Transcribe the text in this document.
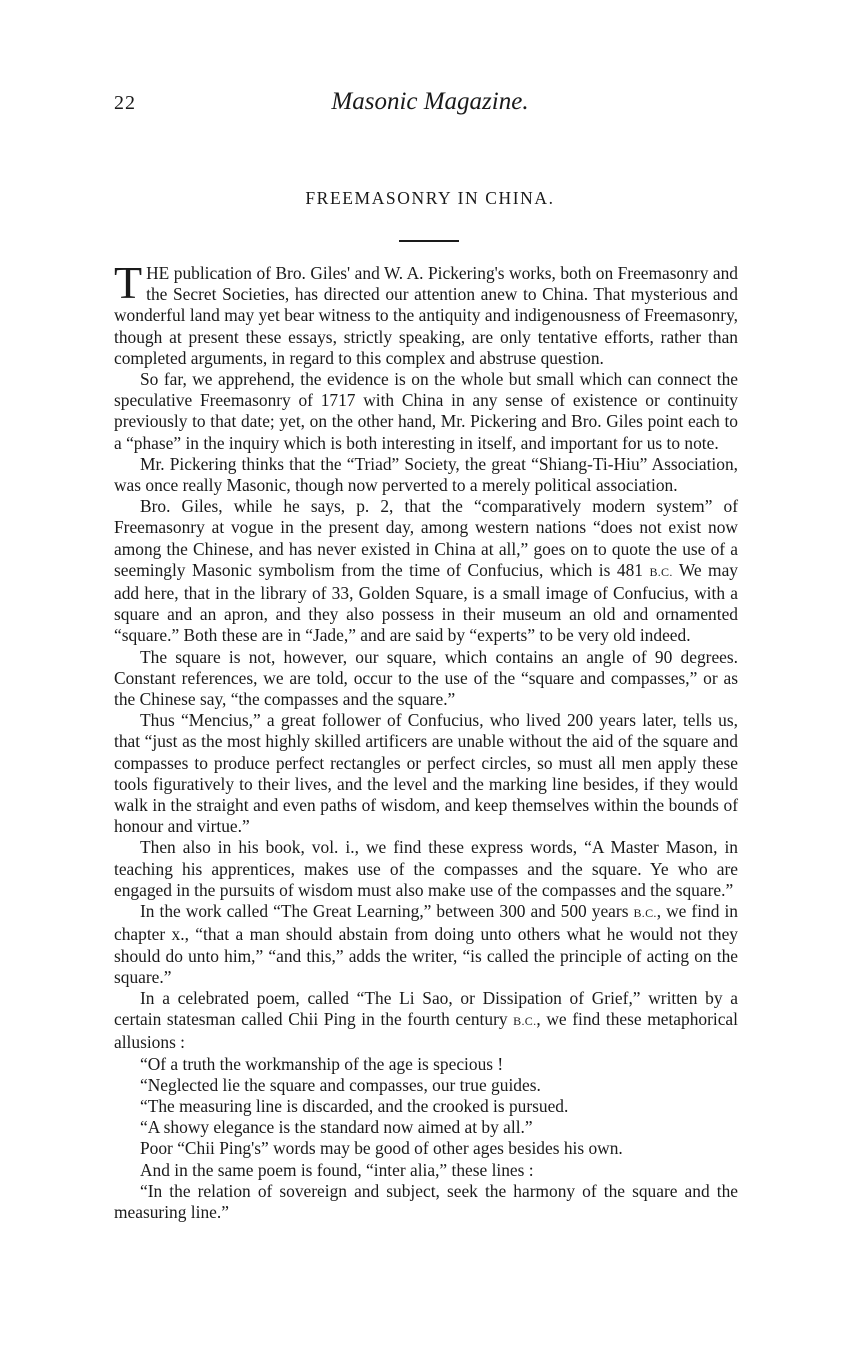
22	Masonic Magazine.
FREEMASONRY IN CHINA.

THE publication of Bro. Giles' and W. A. Pickering's works, both on Freemasonry and the Secret Societies, has directed our attention anew to China. That mysterious and wonderful land may yet bear witness to the antiquity and indigenousness of Freemasonry, though at present these essays, strictly speaking, are only tentative efforts, rather than completed arguments, in regard to this complex and abstruse question.

So far, we apprehend, the evidence is on the whole but small which can connect the speculative Freemasonry of 1717 with China in any sense of existence or continuity previously to that date; yet, on the other hand, Mr. Pickering and Bro. Giles point each to a “phase” in the inquiry which is both interesting in itself, and important for us to note.

Mr. Pickering thinks that the “Triad” Society, the great “Shiang-Ti-Hiu” Association, was once really Masonic, though now perverted to a merely political association.

Bro. Giles, while he says, p. 2, that the “comparatively modern system” of Freemasonry at vogue in the present day, among western nations “does not exist now among the Chinese, and has never existed in China at all,” goes on to quote the use of a seemingly Masonic symbolism from the time of Confucius, which is 481 B.C. We may add here, that in the library of 33, Golden Square, is a small image of Confucius, with a square and an apron, and they also possess in their museum an old and ornamented “square.” Both these are in “Jade,” and are said by “experts” to be very old indeed.

The square is not, however, our square, which contains an angle of 90 degrees. Constant references, we are told, occur to the use of the “square and compasses,” or as the Chinese say, “the compasses and the square.”

Thus “Mencius,” a great follower of Confucius, who lived 200 years later, tells us, that “just as the most highly skilled artificers are unable without the aid of the square and compasses to produce perfect rectangles or perfect circles, so must all men apply these tools figuratively to their lives, and the level and the marking line besides, if they would walk in the straight and even paths of wisdom, and keep themselves within the bounds of honour and virtue.”

Then also in his book, vol. i., we find these express words, “A Master Mason, in teaching his apprentices, makes use of the compasses and the square. Ye who are engaged in the pursuits of wisdom must also make use of the compasses and the square.”

In the work called “The Great Learning,” between 300 and 500 years B.C., we find in chapter x., “that a man should abstain from doing unto others what he would not they should do unto him,” “and this,” adds the writer, “is called the principle of acting on the square.”

In a celebrated poem, called “The Li Sao, or Dissipation of Grief,” written by a certain statesman called Chii Ping in the fourth century B.C., we find these metaphorical allusions :

“Of a truth the workmanship of the age is specious !
“Neglected lie the square and compasses, our true guides.
“The measuring line is discarded, and the crooked is pursued.
“A showy elegance is the standard now aimed at by all.”

Poor “Chii Ping's” words may be good of other ages besides his own.

And in the same poem is found, “inter alia,” these lines :

“In the relation of sovereign and subject, seek the harmony of the square and the measuring line.”
